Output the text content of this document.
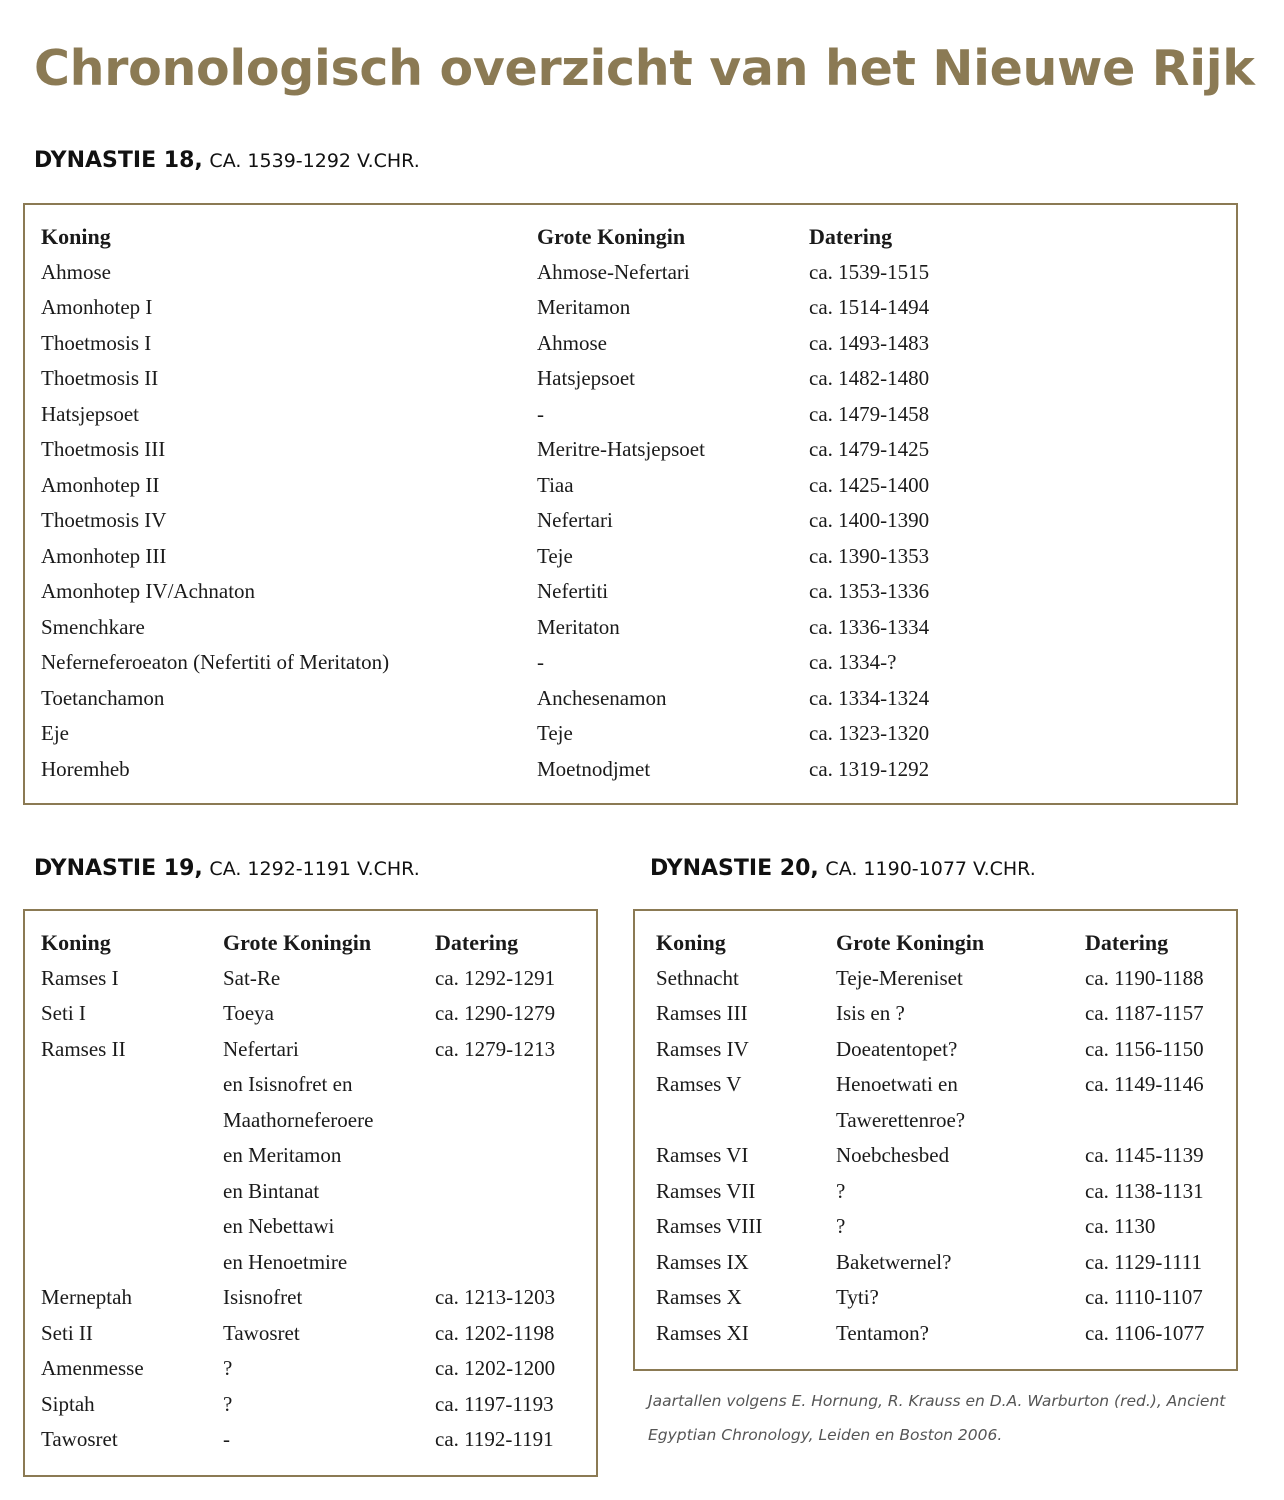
Chronologisch overzicht van het Nieuwe Rijk
DYNASTIE 18, CA. 1539-1292 V.CHR.
Koning	Grote Koningin	Datering
Ahmose	Ahmose-Nefertari	ca. 1539-1515
Amonhotep I	Meritamon	ca. 1514-1494
Thoetmosis I	Ahmose	ca. 1493-1483
Thoetmosis II	Hatsjepsoet	ca. 1482-1480
Hatsjepsoet	-	ca. 1479-1458
Thoetmosis III	Meritre-Hatsjepsoet	ca. 1479-1425
Amonhotep II	Tiaa	ca. 1425-1400
Thoetmosis IV	Nefertari	ca. 1400-1390
Amonhotep III	Teje	ca. 1390-1353
Amonhotep IV/Achnaton	Nefertiti	ca. 1353-1336
Smenchkare	Meritaton	ca. 1336-1334
Neferneferoeaton (Nefertiti of Meritaton)	-	ca. 1334-?
Toetanchamon	Anchesenamon	ca. 1334-1324
Eje	Teje	ca. 1323-1320
Horemheb	Moetnodjmet	ca. 1319-1292
DYNASTIE 19, CA. 1292-1191 V.CHR.
Koning	Grote Koningin	Datering
Ramses I	Sat-Re	ca. 1292-1291
Seti I	Toeya	ca. 1290-1279
Ramses II	Nefertari	ca. 1279-1213
en Isisnofret en
Maathorneferoere
en Meritamon
en Bintanat
en Nebettawi
en Henoetmire
Merneptah	Isisnofret	ca. 1213-1203
Seti II	Tawosret	ca. 1202-1198
Amenmesse	?	ca. 1202-1200
Siptah	?	ca. 1197-1193
Tawosret	-	ca. 1192-1191
DYNASTIE 20, CA. 1190-1077 V.CHR.
Koning	Grote Koningin	Datering
Sethnacht	Teje-Mereniset	ca. 1190-1188
Ramses III	Isis en ?	ca. 1187-1157
Ramses IV	Doeatentopet?	ca. 1156-1150
Ramses V	Henoetwati en	ca. 1149-1146
Tawerettenroe?
Ramses VI	Noebchesbed	ca. 1145-1139
Ramses VII	?	ca. 1138-1131
Ramses VIII	?	ca. 1130
Ramses IX	Baketwernel?	ca. 1129-1111
Ramses X	Tyti?	ca. 1110-1107
Ramses XI	Tentamon?	ca. 1106-1077
Jaartallen volgens E. Hornung, R. Krauss en D.A. Warburton (red.), Ancient Egyptian Chronology, Leiden en Boston 2006.
